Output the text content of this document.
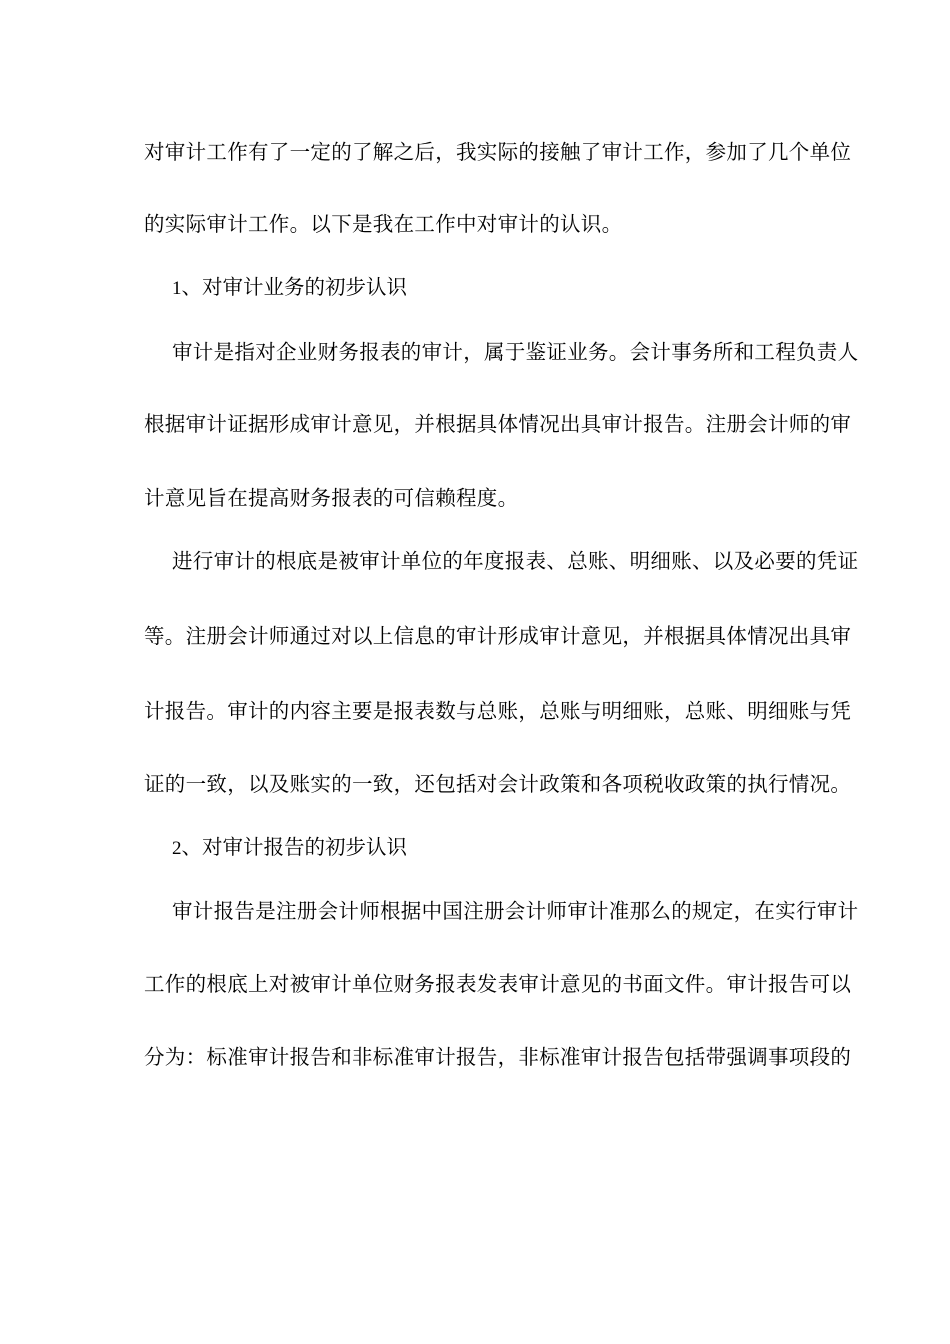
对审计工作有了一定的了解之后，我实际的接触了审计工作，参加了几个单位
的实际审计工作。以下是我在工作中对审计的认识。
1、对审计业务的初步认识
审计是指对企业财务报表的审计，属于鉴证业务。会计事务所和工程负责人
根据审计证据形成审计意见，并根据具体情况出具审计报告。注册会计师的审
计意见旨在提高财务报表的可信赖程度。
进行审计的根底是被审计单位的年度报表、总账、明细账、以及必要的凭证
等。注册会计师通过对以上信息的审计形成审计意见，并根据具体情况出具审
计报告。审计的内容主要是报表数与总账，总账与明细账，总账、明细账与凭
证的一致，以及账实的一致，还包括对会计政策和各项税收政策的执行情况。
2、对审计报告的初步认识
审计报告是注册会计师根据中国注册会计师审计准那么的规定，在实行审计
工作的根底上对被审计单位财务报表发表审计意见的书面文件。审计报告可以
分为：标准审计报告和非标准审计报告，非标准审计报告包括带强调事项段的
